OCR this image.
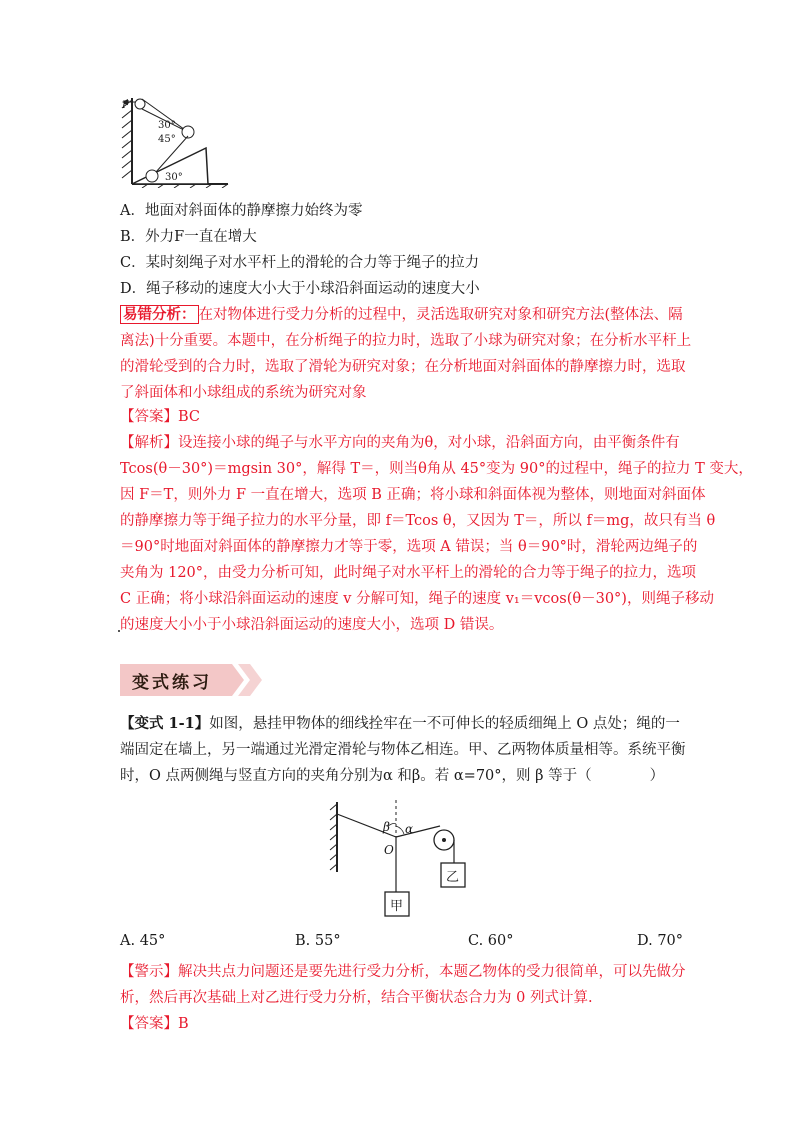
F
30°
45°
30°
A．地面对斜面体的静摩擦力始终为零
B．外力F一直在增大
C．某时刻绳子对水平杆上的滑轮的合力等于绳子的拉力
D．绳子移动的速度大小大于小球沿斜面运动的速度大小
易错分析： 在对物体进行受力分析的过程中，灵活选取研究对象和研究方法(整体法、隔
离法)十分重要。本题中，在分析绳子的拉力时，选取了小球为研究对象；在分析水平杆上
的滑轮受到的合力时，选取了滑轮为研究对象；在分析地面对斜面体的静摩擦力时，选取
了斜面体和小球组成的系统为研究对象
【答案】BC
【解析】设连接小球的绳子与水平方向的夹角为θ，对小球，沿斜面方向，由平衡条件有
Tcos(θ－30°)＝mgsin 30°，解得 T＝，则当θ角从 45°变为 90°的过程中，绳子的拉力 T 变大，
因 F＝T，则外力 F 一直在增大，选项 B 正确；将小球和斜面体视为整体，则地面对斜面体
的静摩擦力等于绳子拉力的水平分量，即 f＝Tcos θ，又因为 T＝，所以 f＝mg，故只有当 θ
＝90°时地面对斜面体的静摩擦力才等于零，选项 A 错误；当 θ＝90°时，滑轮两边绳子的
夹角为 120°，由受力分析可知，此时绳子对水平杆上的滑轮的合力等于绳子的拉力，选项
C 正确；将小球沿斜面运动的速度 v 分解可知，绳子的速度 v₁＝vcos(θ－30°)，则绳子移动
的速度大小小于小球沿斜面运动的速度大小，选项 D 错误。
变式练习
【变式 1-1】如图，悬挂甲物体的细线拴牢在一不可伸长的轻质细绳上 O 点处；绳的一
端固定在墙上，另一端通过光滑定滑轮与物体乙相连。甲、乙两物体质量相等。系统平衡
时，O 点两侧绳与竖直方向的夹角分别为α 和β。若 α=70°，则 β 等于（　　　　）
β α
O
甲
乙
A. 45°	B. 55°	C. 60°	D. 70°
【警示】解决共点力问题还是要先进行受力分析，本题乙物体的受力很简单，可以先做分
析，然后再次基础上对乙进行受力分析，结合平衡状态合力为 0 列式计算.
【答案】B
